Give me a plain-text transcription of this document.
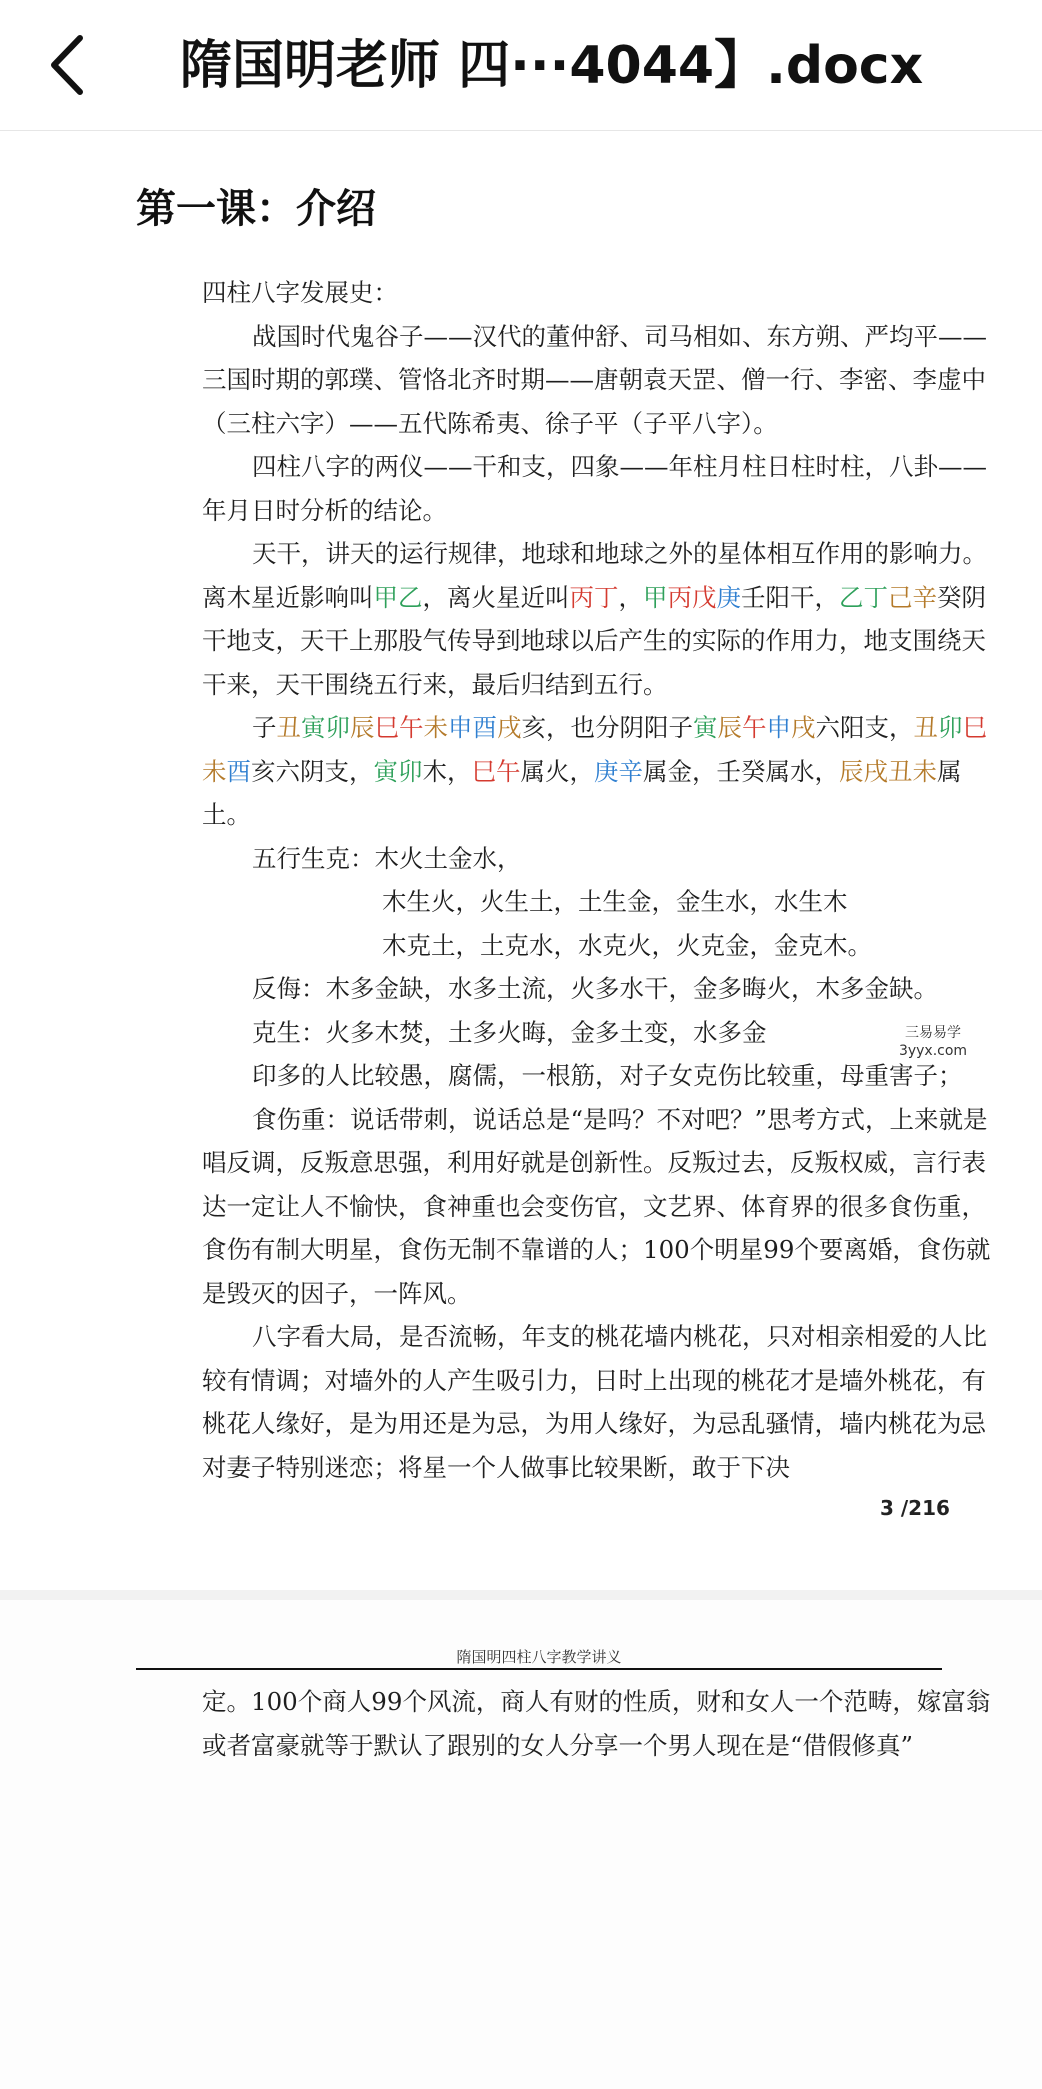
隋国明老师 四···4044】.docx
第一课：介绍

四柱八字发展史：

战国时代鬼谷子——汉代的董仲舒、司马相如、东方朔、严均平——三国时期的郭璞、管恪北齐时期——唐朝袁天罡、僧一行、李密、李虚中（三柱六字）——五代陈希夷、徐子平（子平八字）。

四柱八字的两仪——干和支，四象——年柱月柱日柱时柱，八卦——年月日时分析的结论。

天干，讲天的运行规律，地球和地球之外的星体相互作用的影响力。离木星近影响叫甲乙，离火星近叫丙丁，甲丙戊庚壬阳干，乙丁己辛癸阴干地支，天干上那股气传导到地球以后产生的实际的作用力，地支围绕天干来，天干围绕五行来，最后归结到五行。

子丑寅卯辰巳午未申酉戌亥，也分阴阳子寅辰午申戌六阳支，丑卯巳未酉亥六阴支，寅卯木，巳午属火，庚辛属金，壬癸属水，辰戌丑未属土。

五行生克：木火土金水，

木生火，火生土，土生金，金生水，水生木

木克土，土克水，水克火，火克金，金克木。

反侮：木多金缺，水多土流，火多水干，金多晦火，木多金缺。

克生：火多木焚，土多火晦，金多土变，水多金

印多的人比较愚，腐儒，一根筋，对子女克伤比较重，母重害子；

食伤重：说话带刺，说话总是“是吗？不对吧？”思考方式，上来就是唱反调，反叛意思强，利用好就是创新性。反叛过去，反叛权威，言行表达一定让人不愉快，食神重也会变伤官，文艺界、体育界的很多食伤重，食伤有制大明星，食伤无制不靠谱的人；100个明星99个要离婚，食伤就是毁灭的因子，一阵风。

八字看大局，是否流畅，年支的桃花墙内桃花，只对相亲相爱的人比较有情调；对墙外的人产生吸引力，日时上出现的桃花才是墙外桃花，有桃花人缘好，是为用还是为忌，为用人缘好，为忌乱骚情，墙内桃花为忌对妻子特别迷恋；将星一个人做事比较果断，敢于下决

三易易学
3yyx.com
3 /216
隋国明四柱八字教学讲义

定。100个商人99个风流，商人有财的性质，财和女人一个范畴，嫁富翁或者富豪就等于默认了跟别的女人分享一个男人现在是“借假修真”
